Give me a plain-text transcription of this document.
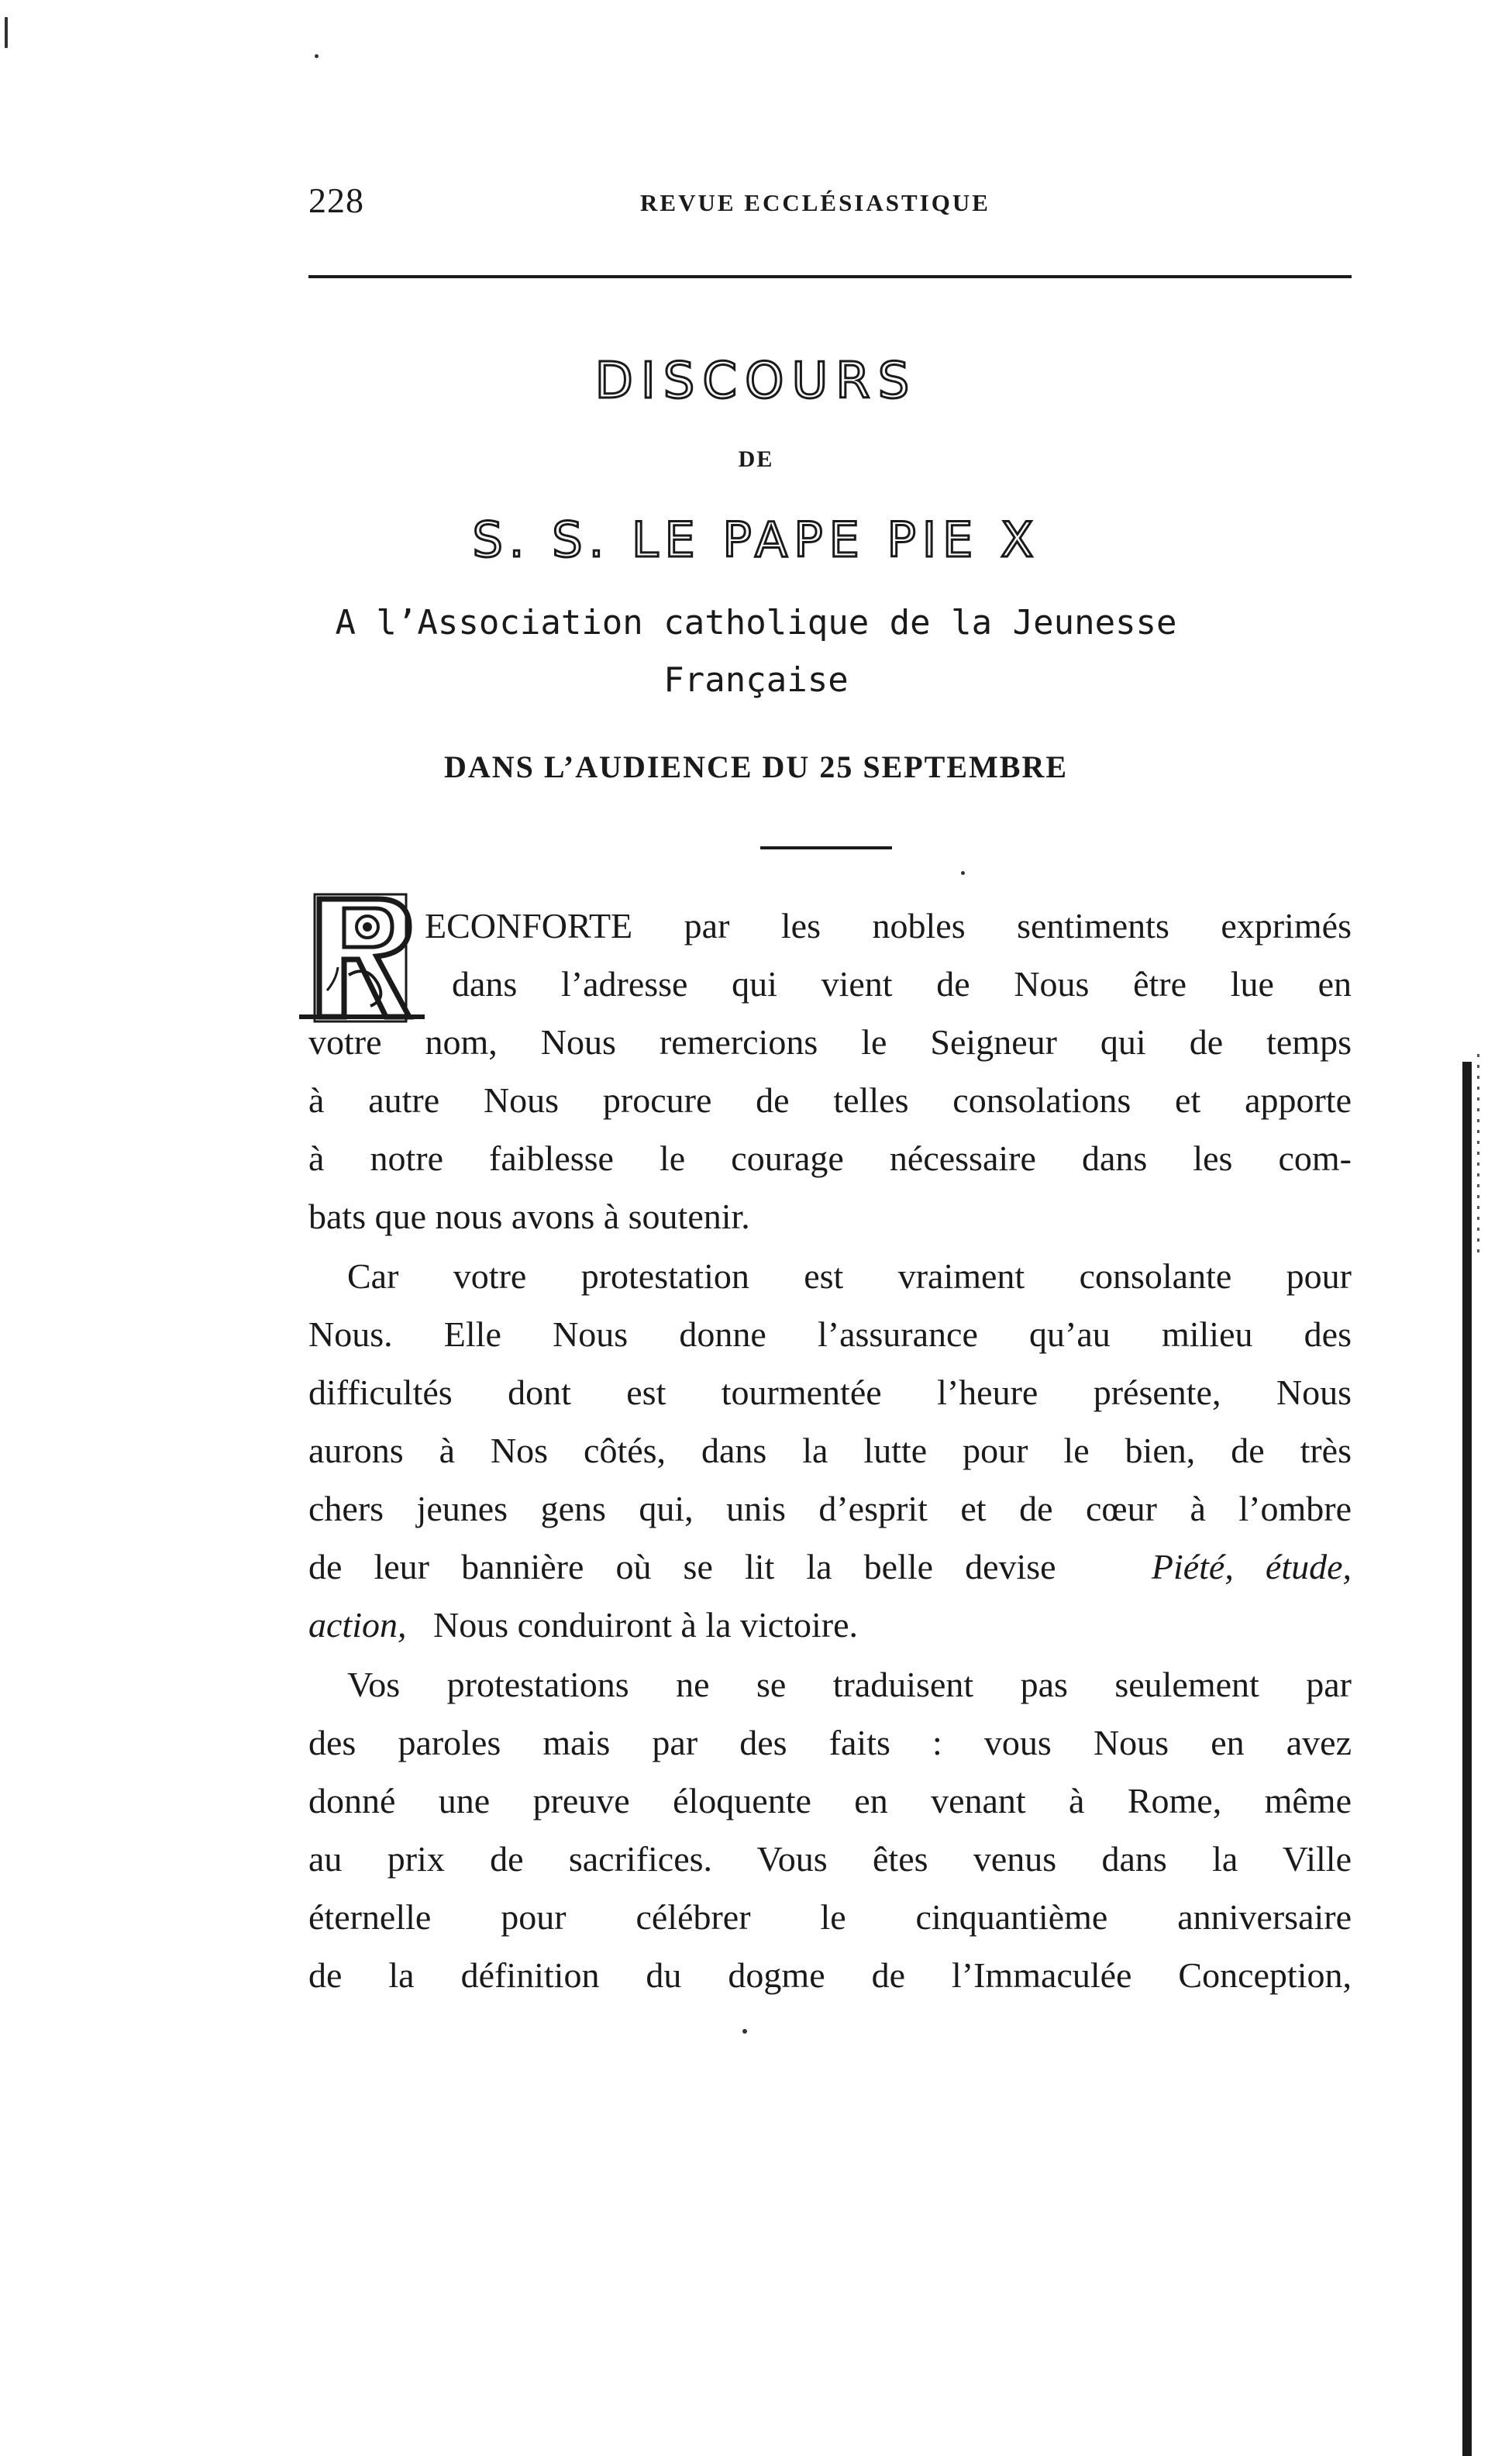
228	REVUE ECCLÉSIASTIQUE
DISCOURS
DE
S. S. LE PAPE PIE X
A l’Association catholique de la Jeunesse
Française
DANS L’AUDIENCE DU 25 SEPTEMBRE
R
ECONFORTE par les nobles sentiments exprimés
dans l’adresse qui vient de Nous être lue en
votre nom, Nous remercions le Seigneur qui de temps
à autre Nous procure de telles consolations et apporte
à notre faiblesse le courage nécessaire dans les com-
bats que nous avons à soutenir.
Car votre protestation est vraiment consolante pour
Nous. Elle Nous donne l’assurance qu’au milieu des
difficultés dont est tourmentée l’heure présente, Nous
aurons à Nos côtés, dans la lutte pour le bien, de très
chers jeunes gens qui, unis d’esprit et de cœur à l’ombre
de leur bannière où se lit la belle devise	Piété, étude,
action, Nous conduiront à la victoire.
Vos protestations ne se traduisent pas seulement par
des paroles mais par des faits : vous Nous en avez
donné une preuve éloquente en venant à Rome, même
au prix de sacrifices. Vous êtes venus dans la Ville
éternelle pour célébrer le cinquantième anniversaire
de la définition du dogme de l’Immaculée Conception,
